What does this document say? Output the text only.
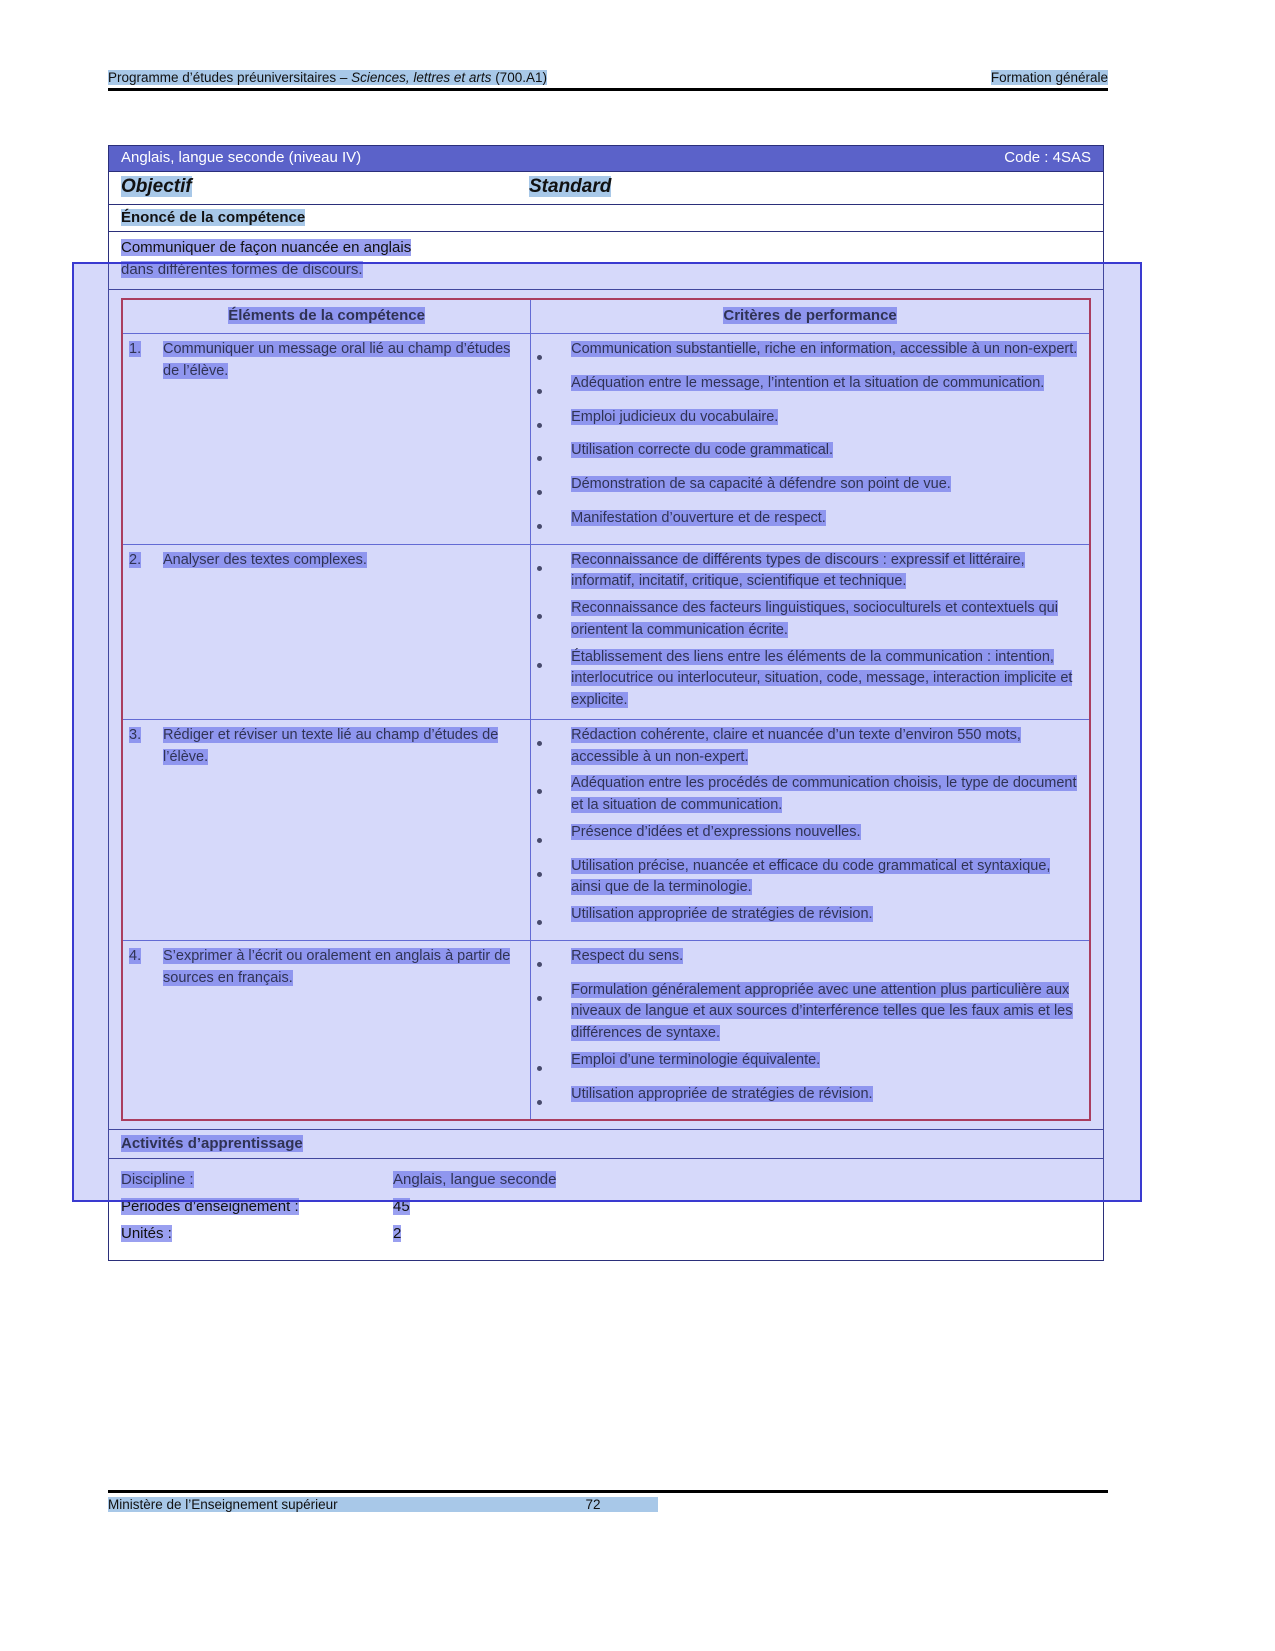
Programme d’études préuniversitaires – Sciences, lettres et arts (700.A1)	Formation générale
Anglais, langue seconde (niveau IV)	Code : 4SAS
Objectif	Standard
Énoncé de la compétence
Communiquer de façon nuancée en anglais
dans différentes formes de discours.
Éléments de la compétence	Critères de performance

1.	Communiquer un message oral lié au champ d’études de l’élève.

Communication substantielle, riche en information, accessible à un non-expert.
Adéquation entre le message, l’intention et la situation de communication.
Emploi judicieux du vocabulaire.
Utilisation correcte du code grammatical.
Démonstration de sa capacité à défendre son point de vue.
Manifestation d’ouverture et de respect.

2.	Analyser des textes complexes.	Reconnaissance de différents types de discours : expressif et littéraire, informatif, incitatif, critique, scientifique et technique.
Reconnaissance des facteurs linguistiques, socioculturels et contextuels qui orientent la communication écrite.
Établissement des liens entre les éléments de la communication : intention, interlocutrice ou interlocuteur, situation, code, message, interaction implicite et explicite.

3.	Rédiger et réviser un texte lié au champ d’études de l’élève.

Rédaction cohérente, claire et nuancée d’un texte d’environ 550 mots, accessible à un non-expert.
Adéquation entre les procédés de communication choisis, le type de document et la situation de communication.
Présence d’idées et d’expressions nouvelles.
Utilisation précise, nuancée et efficace du code grammatical et syntaxique, ainsi que de la terminologie.
Utilisation appropriée de stratégies de révision.

4.	S’exprimer à l’écrit ou oralement en anglais à partir de sources en français.

Respect du sens.
Formulation généralement appropriée avec une attention plus particulière aux niveaux de langue et aux sources d’interférence telles que les faux amis et les différences de syntaxe.
Emploi d’une terminologie équivalente.
Utilisation appropriée de stratégies de révision.
Activités d’apprentissage
Discipline :	Anglais, langue seconde
Périodes d’enseignement :	45
Unités :	2
Ministère de l’Enseignement supérieur	72
